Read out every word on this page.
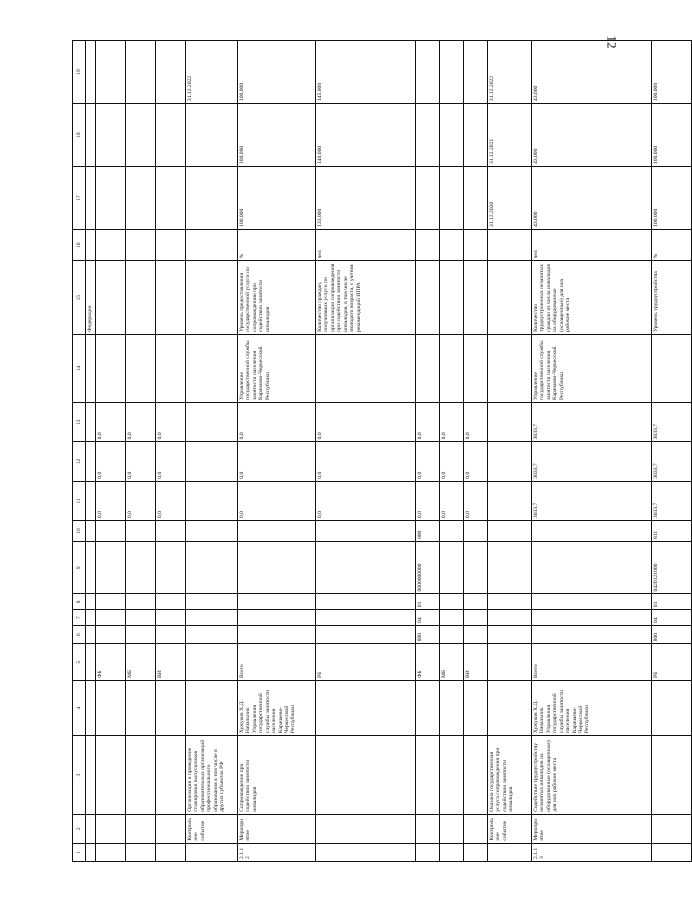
12
1	2	3	4	5	6	7	8	9	10	11	12	13	14	15	16	17	18	19
														Федерации				
				ФБ						0,0	0,0	0,0						
				МБ						0,0	0,0	0,0						
				ВИ						0,0	0,0	0,0						
	Контрольное событие	Организация и проведение стажировки выпускников образовательных организаций профессионального образования в том числе в других субъектах РФ																31.12.2022
2.1.12	Мероприятие	Сопровождение при содействии занятости инвалидов	Хужуков Х.Д. Начальник Управления государственной службы занятости населения Карачаево-Черкесской Республики	Всего						0,0	0,0	0,0	Управление государственной службы занятости населения Карачаево-Черкесской Республики	Уровень предоставления государственной услуги по сопровождению при содействии занятости инвалидов	%	100,000	100,000	100,000
				РБ						0,0	0,0	0,0		Количество граждан, получивших услуги по организации сопровождения при содействии занятости инвалидов, в том числе молодого возраста, с учетом рекомендаций ИПРА	чел	133,000	140,000	145,000
				ФБ	800	04	01	0000000000	000	0,0	0,0	0,0						
				МБ						0,0	0,0	0,0						
				ВИ						0,0	0,0	0,0						
	Контрольное событие	Оказана государственная услуга сопровождения при содействии занятости инвалидов														31.12.2020	31.12.2021	31.12.2022
2.1.13	Мероприятие	Содействие трудоустройству незанятых инвалидов на оборудованные (оснащенные) для них рабочие места	Хужуков Х.Д. Начальник Управления государственной службы занятости населения Карачаево-Черкесской Республики	Всего						3033,7	3033,7	3033,7	Управление государственной службы занятости населения Карачаево-Черкесской Республики	Количество трудоустроенных незанятых граждан из числа инвалидов на оборудованные (оснащенные) для них рабочие места	чел	43,000	43,000	43,000
				РБ	800	04	01	0420121000	811	3033,7	3033,7	3033,7		Уровень трудоустройства	%	100,000	100,000	100,000
